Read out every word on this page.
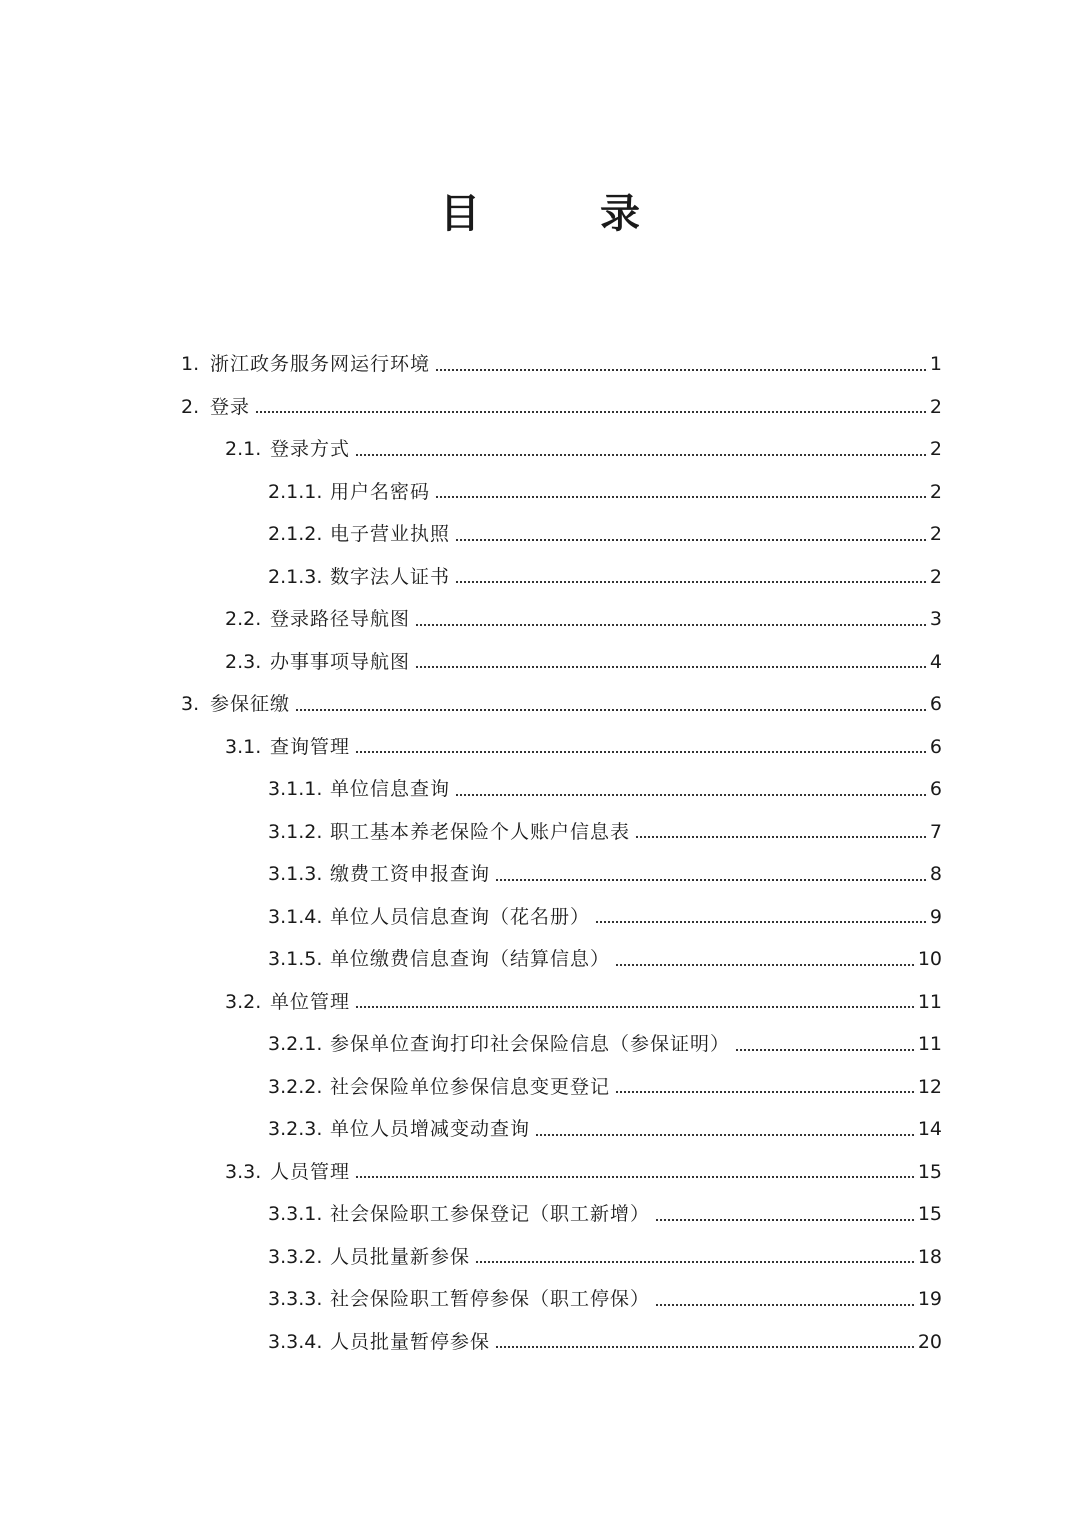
目　录
1. 浙江政务服务网运行环境	1
2. 登录	2
2.1. 登录方式	2
2.1.1. 用户名密码	2
2.1.2. 电子营业执照	2
2.1.3. 数字法人证书	2
2.2. 登录路径导航图	3
2.3. 办事事项导航图	4
3. 参保征缴	6
3.1. 查询管理	6
3.1.1. 单位信息查询	6
3.1.2. 职工基本养老保险个人账户信息表	7
3.1.3. 缴费工资申报查询	8
3.1.4. 单位人员信息查询（花名册）	9
3.1.5. 单位缴费信息查询（结算信息）	10
3.2. 单位管理	11
3.2.1. 参保单位查询打印社会保险信息（参保证明）	11
3.2.2. 社会保险单位参保信息变更登记	12
3.2.3. 单位人员增减变动查询	14
3.3. 人员管理	15
3.3.1. 社会保险职工参保登记（职工新增）	15
3.3.2. 人员批量新参保	18
3.3.3. 社会保险职工暂停参保（职工停保）	19
3.3.4. 人员批量暂停参保	20
